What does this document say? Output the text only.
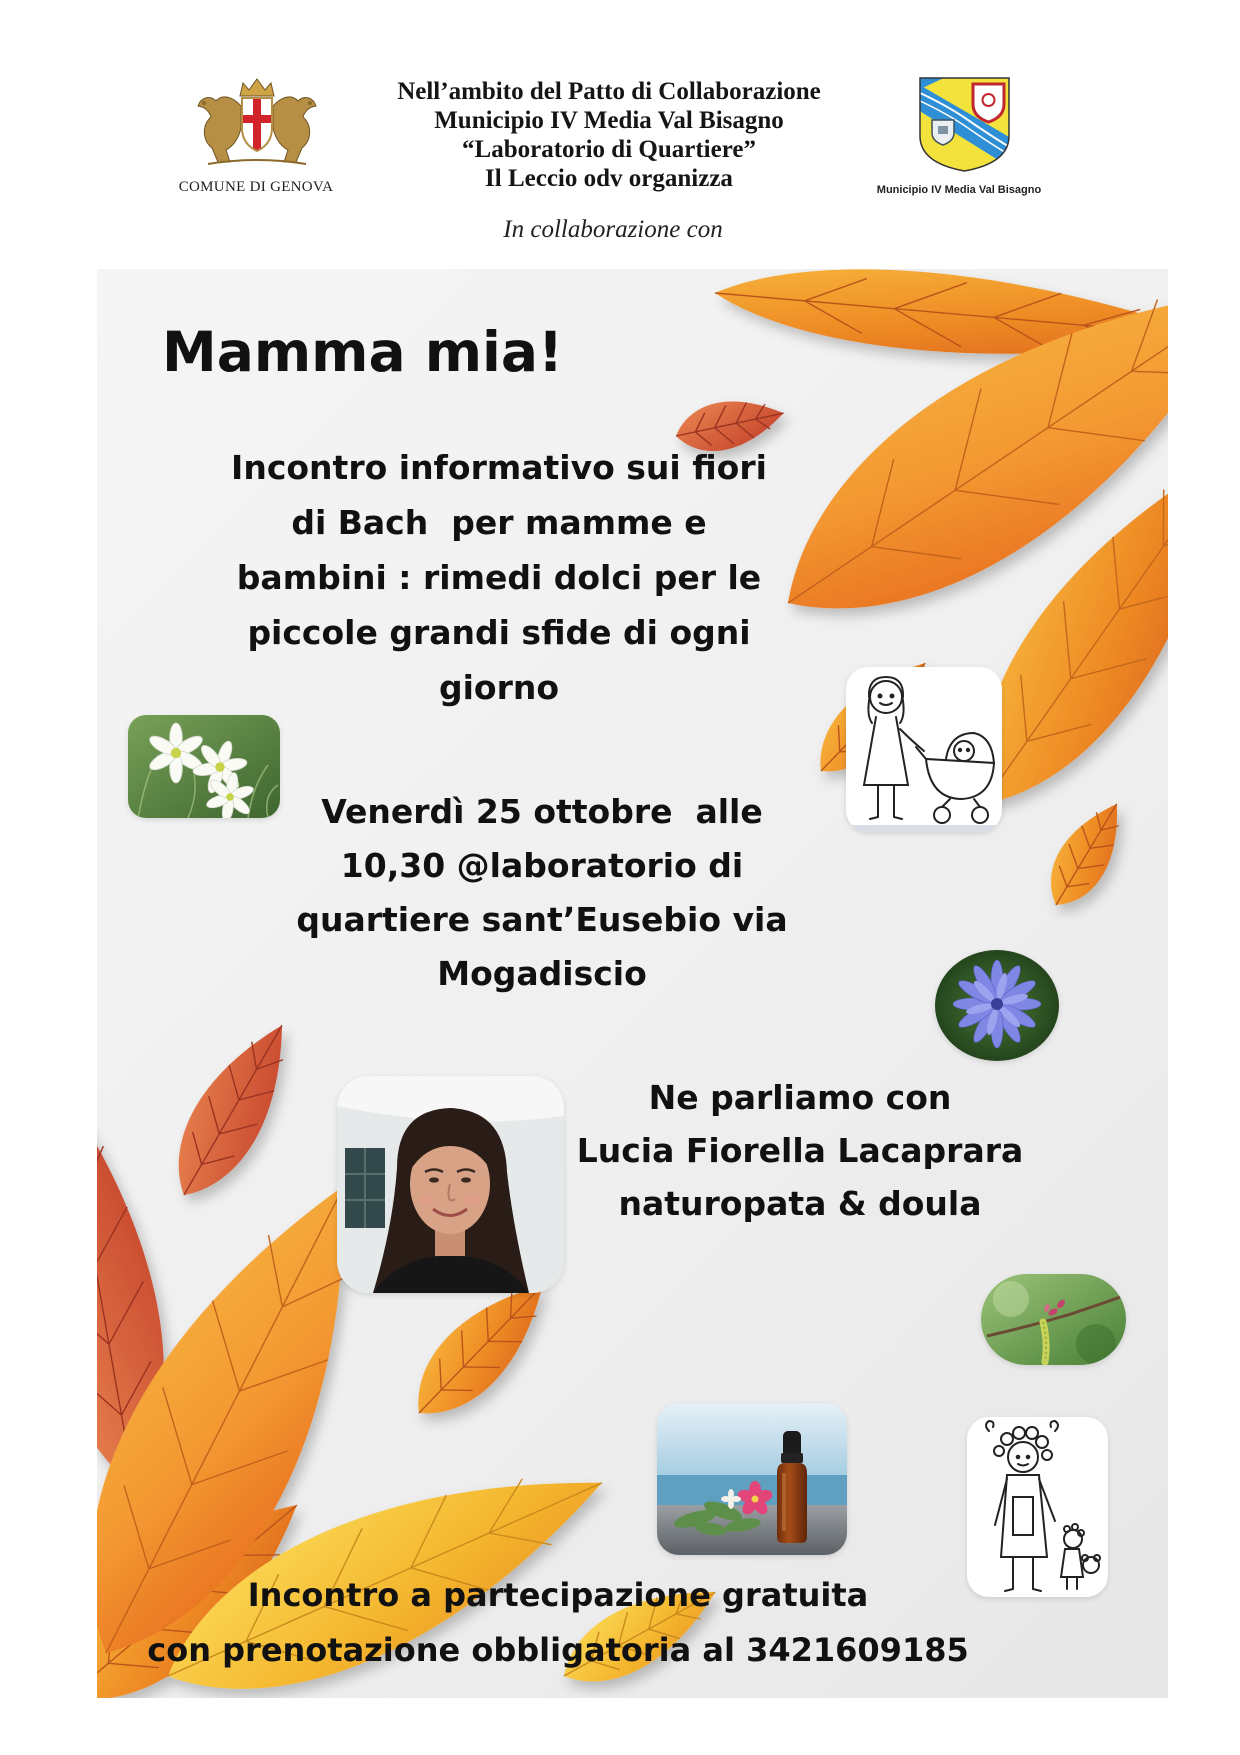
Nell’ambito del Patto di Collaborazione
Municipio IV Media Val Bisagno
“Laboratorio di Quartiere”
Il Leccio odv organizza
COMUNE DI GENOVA	Municipio IV Media Val Bisagno
In collaborazione con
Mamma mia!
Incontro informativo sui fiori
di Bach  per mamme e
bambini : rimedi dolci per le
piccole grandi sfide di ogni
giorno
Venerdì 25 ottobre  alle
10,30 @laboratorio di
quartiere sant’Eusebio via
Mogadiscio
Ne parliamo con
Lucia Fiorella Lacaprara
naturopata & doula
Incontro a partecipazione gratuita
con prenotazione obbligatoria al 3421609185
